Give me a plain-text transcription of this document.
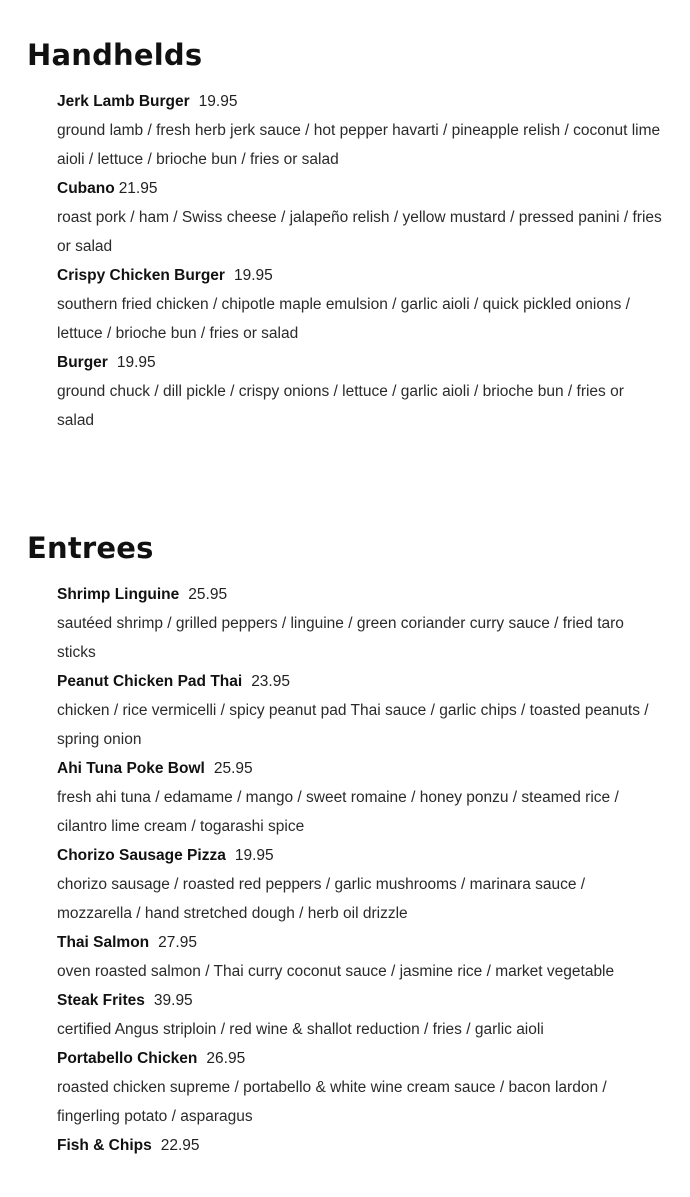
Handhelds
Jerk Lamb Burger 19.95

ground lamb / fresh herb jerk sauce / hot pepper havarti / pineapple relish / coconut lime aioli / lettuce / brioche bun / fries or salad

Cubano 21.95

roast pork / ham / Swiss cheese / jalapeño relish / yellow mustard / pressed panini / fries or salad

Crispy Chicken Burger 19.95

southern fried chicken / chipotle maple emulsion / garlic aioli / quick pickled onions / lettuce / brioche bun / fries or salad

Burger 19.95

ground chuck / dill pickle / crispy onions / lettuce / garlic aioli / brioche bun / fries or salad

Entrees
Shrimp Linguine 25.95

sautéed shrimp / grilled peppers / linguine / green coriander curry sauce / fried taro sticks

Peanut Chicken Pad Thai 23.95

chicken / rice vermicelli / spicy peanut pad Thai sauce / garlic chips / toasted peanuts / spring onion

Ahi Tuna Poke Bowl 25.95

fresh ahi tuna / edamame / mango / sweet romaine / honey ponzu / steamed rice / cilantro lime cream / togarashi spice

Chorizo Sausage Pizza 19.95

chorizo sausage / roasted red peppers / garlic mushrooms / marinara sauce / mozzarella / hand stretched dough / herb oil drizzle

Thai Salmon 27.95

oven roasted salmon / Thai curry coconut sauce / jasmine rice / market vegetable

Steak Frites 39.95

certified Angus striploin / red wine & shallot reduction / fries / garlic aioli

Portabello Chicken 26.95

roasted chicken supreme / portabello & white wine cream sauce / bacon lardon / fingerling potato / asparagus

Fish & Chips 22.95
